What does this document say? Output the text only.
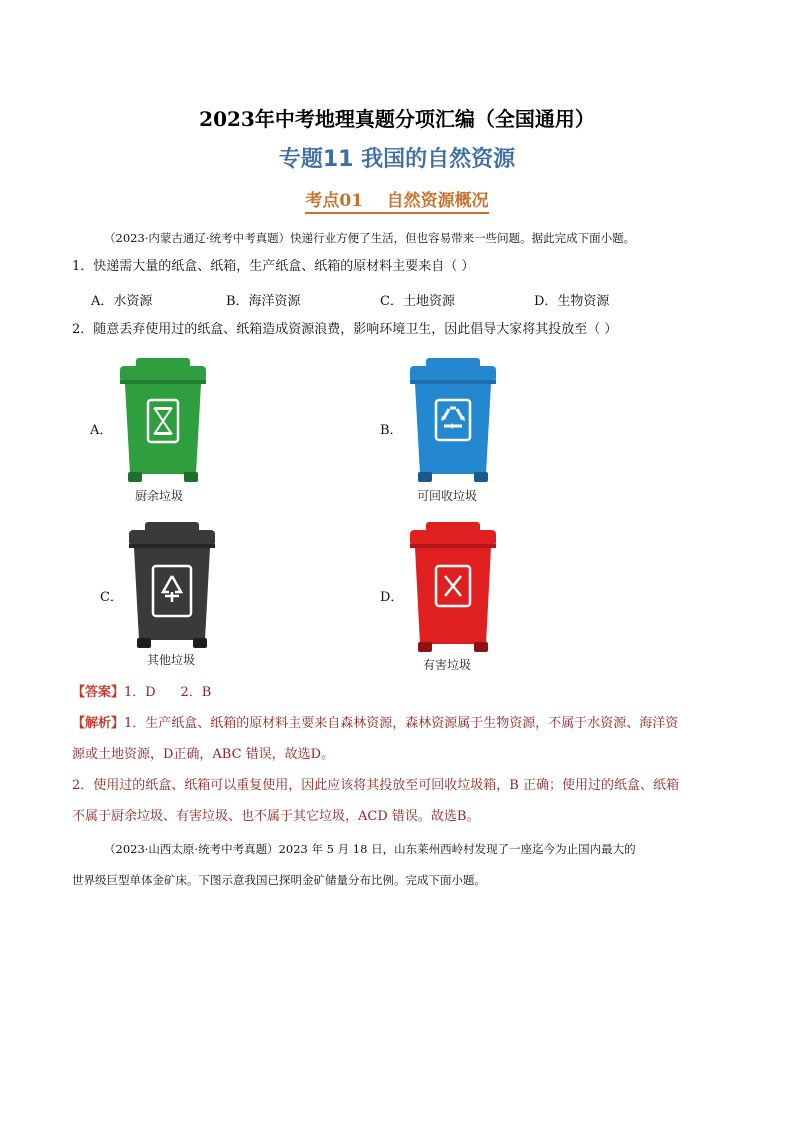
2023年中考地理真题分项汇编（全国通用）
专题11 我国的自然资源
考点01    自然资源概况
（2023·内蒙古通辽·统考中考真题）快递行业方便了生活，但也容易带来一些问题。据此完成下面小题。
1．快递需大量的纸盒、纸箱，生产纸盒、纸箱的原材料主要来自（ ）
A．水资源	B．海洋资源	C．土地资源	D．生物资源
2．随意丢弃使用过的纸盒、纸箱造成资源浪费，影响环境卫生，因此倡导大家将其投放至（ ）
A．
厨余垃圾
B．
可回收垃圾
C．
其他垃圾
D．
有害垃圾
【答案】1．D      2．B
【解析】1．生产纸盒、纸箱的原材料主要来自森林资源，森林资源属于生物资源，不属于水资源、海洋资
源或土地资源，D正确，ABC 错误，故选D。
2．使用过的纸盒、纸箱可以重复使用，因此应该将其投放至可回收垃圾箱，B 正确；使用过的纸盒、纸箱
不属于厨余垃圾、有害垃圾、也不属于其它垃圾，ACD 错误。故选B。
（2023·山西太原·统考中考真题）2023 年 5 月 18 日，山东莱州西岭村发现了一座迄今为止国内最大的
世界级巨型单体金矿床。下图示意我国已探明金矿储量分布比例。完成下面小题。
